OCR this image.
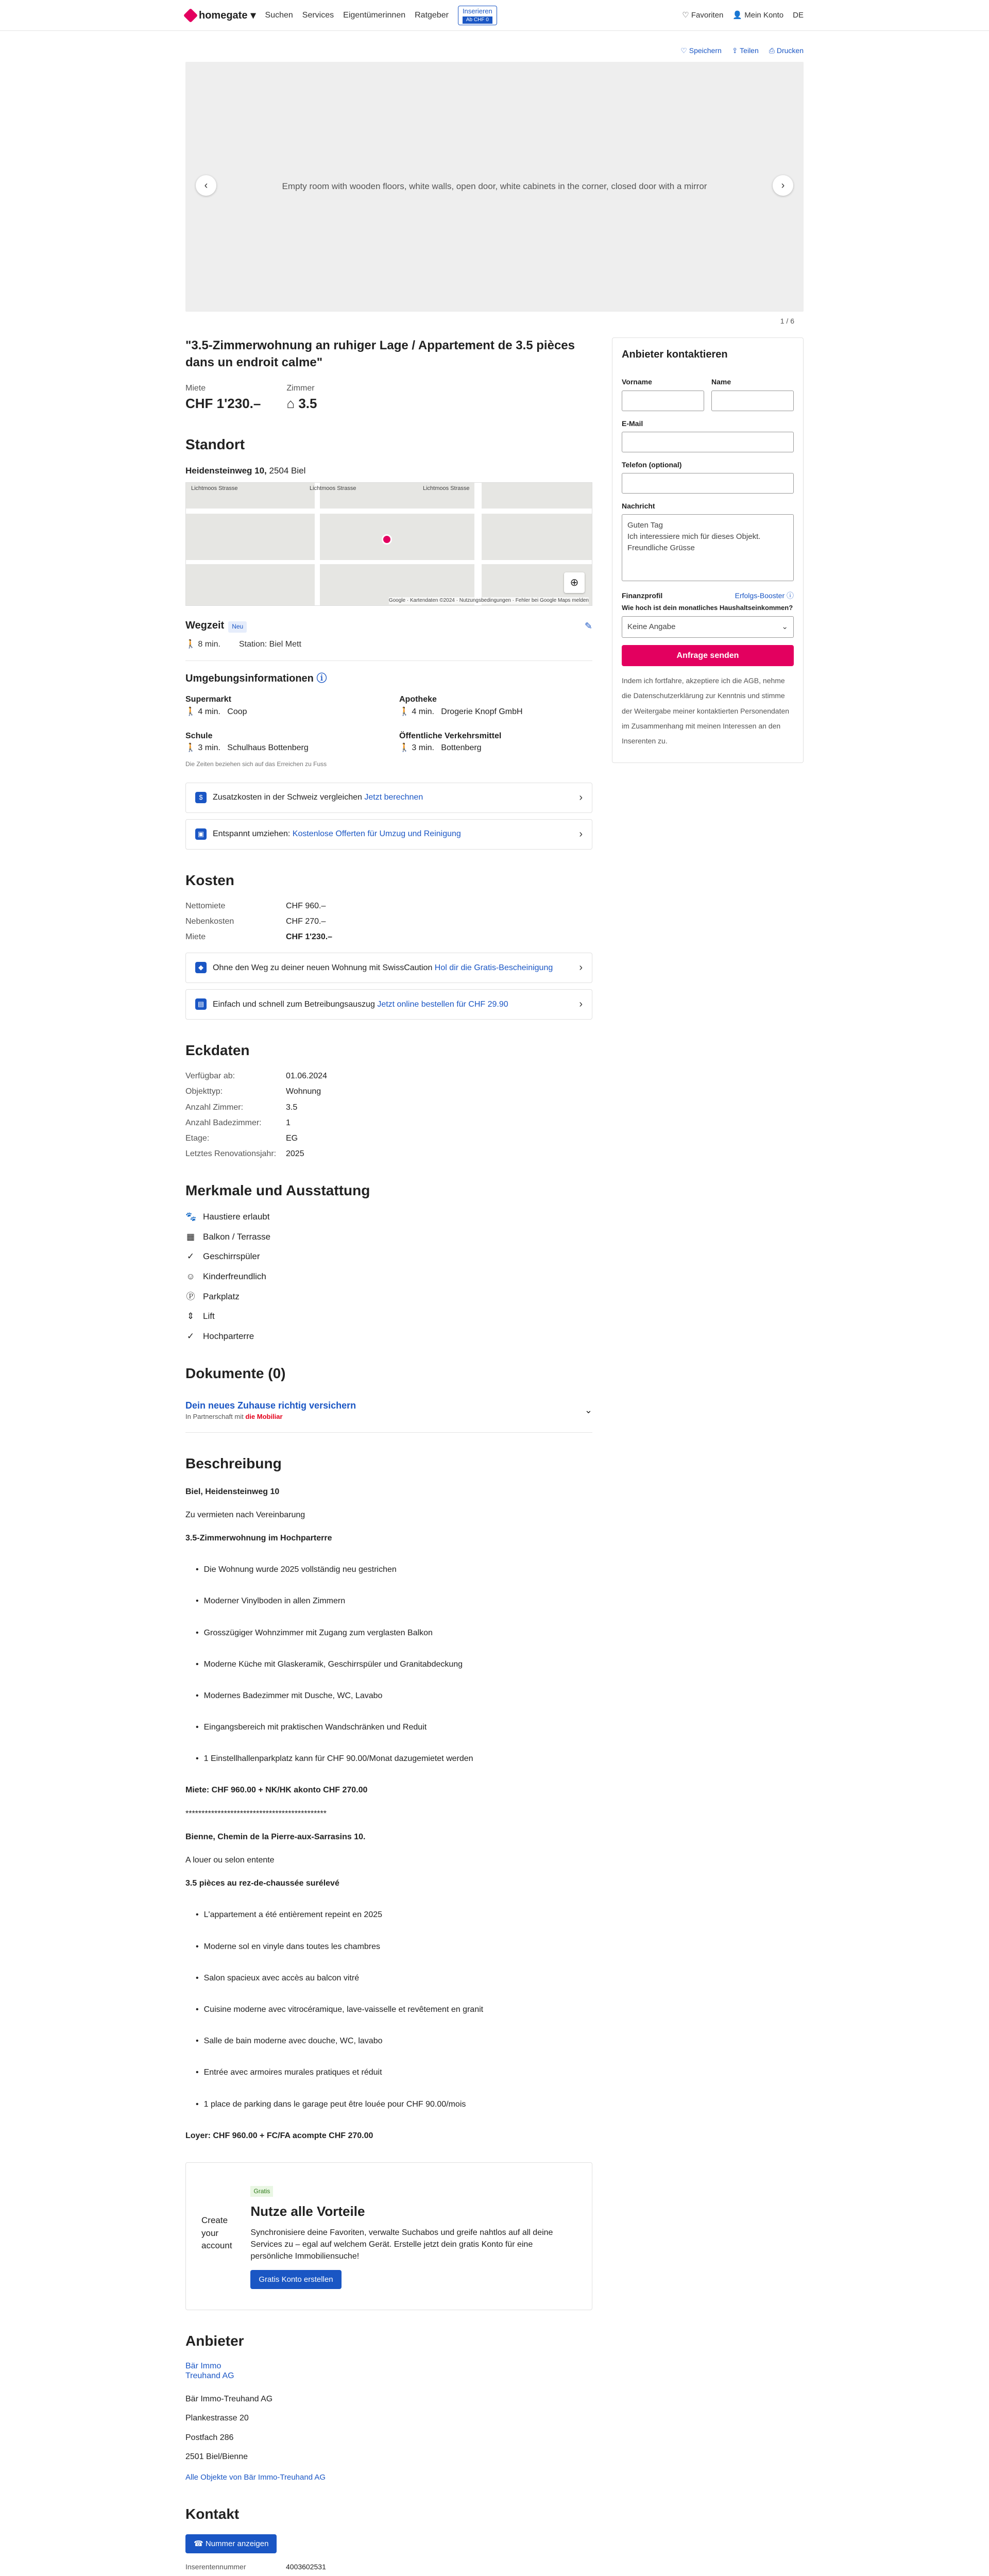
homegate ▾ Suchen Services Eigentümerinnen Ratgeber	Inserieren
Ab CHF 0
♡ Favoriten 👤 Mein Konto DE
♡ Speichern ⇪ Teilen ⎙ Drucken
Empty room with wooden floors, white walls, open door, white cabinets in the corner, closed door with a mirror
‹	›
1 / 6
"3.5-Zimmerwohnung an ruhiger Lage / Appartement de 3.5 pièces dans un endroit calme"
Miete
CHF 1'230.–
Zimmer
⌂ 3.5
Standort
Heidensteinweg 10, 2504 Biel
Lichtmoos Strasse	Lichtmoos Strasse	Lichtmoos Strasse
⊕
Google · Kartendaten ©2024 · Nutzungsbedingungen · Fehler bei Google Maps melden
Wegzeit Neu	✎
🚶 8 min. Station: Biel Mett
Umgebungsinformationen ⓘ
Supermarkt
🚶 4 min. Coop
Apotheke
🚶 4 min. Drogerie Knopf GmbH
Schule
🚶 3 min. Schulhaus Bottenberg
Öffentliche Verkehrsmittel
🚶 3 min. Bottenberg
Die Zeiten beziehen sich auf das Erreichen zu Fuss
$	Zusatzkosten in der Schweiz vergleichen Jetzt berechnen	›
▣	Entspannt umziehen: Kostenlose Offerten für Umzug und Reinigung	›
Kosten
Nettomiete	CHF 960.–
Nebenkosten	CHF 270.–
Miete	CHF 1'230.–
◆	Ohne den Weg zu deiner neuen Wohnung mit SwissCaution Hol dir die Gratis-Bescheinigung	›
▤	Einfach und schnell zum Betreibungsauszug Jetzt online bestellen für CHF 29.90	›
Eckdaten
Verfügbar ab:	01.06.2024
Objekttyp:	Wohnung
Anzahl Zimmer:	3.5
Anzahl Badezimmer:	1
Etage:	EG
Letztes Renovationsjahr:	2025
Merkmale und Ausstattung
🐾 Haustiere erlaubt
▦ Balkon / Terrasse
✓ Geschirrspüler
☺ Kinderfreundlich
Ⓟ Parkplatz
⇕ Lift
✓ Hochparterre
Dokumente (0)
Dein neues Zuhause richtig versichern
In Partnerschaft mit die Mobiliar
⌄
Beschreibung

Biel, Heidensteinweg 10

Zu vermieten nach Vereinbarung

3.5-Zimmerwohnung im Hochparterre

• Die Wohnung wurde 2025 vollständig neu gestrichen
• Moderner Vinylboden in allen Zimmern
• Grosszügiger Wohnzimmer mit Zugang zum verglasten Balkon
• Moderne Küche mit Glaskeramik, Geschirrspüler und Granitabdeckung
• Modernes Badezimmer mit Dusche, WC, Lavabo
• Eingangsbereich mit praktischen Wandschränken und Reduit
• 1 Einstellhallenparkplatz kann für CHF 90.00/Monat dazugemietet werden

Miete: CHF 960.00 + NK/HK akonto CHF 270.00

********************************************

Bienne, Chemin de la Pierre-aux-Sarrasins 10.

A louer ou selon entente

3.5 pièces au rez-de-chaussée surélevé

• L'appartement a été entièrement repeint en 2025
• Moderne sol en vinyle dans toutes les chambres
• Salon spacieux avec accès au balcon vitré
• Cuisine moderne avec vitrocéramique, lave-vaisselle et revêtement en granit
• Salle de bain moderne avec douche, WC, lavabo
• Entrée avec armoires murales pratiques et réduit
• 1 place de parking dans le garage peut être louée pour CHF 90.00/mois

Loyer: CHF 960.00 + FC/FA acompte CHF 270.00

Create your account
Gratis
Nutze alle Vorteile

Synchronisiere deine Favoriten, verwalte Suchabos und greife nahtlos auf all deine Services zu – egal auf welchem Gerät. Erstelle jetzt dein gratis Konto für eine persönliche Immobiliensuche!

Gratis Konto erstellen
Anbieter
Bär Immo
Treuhand AG

Bär Immo-Treuhand AG

Plankestrasse 20

Postfach 286

2501 Biel/Bienne

Alle Objekte von Bär Immo-Treuhand AG
Kontakt
☎ Nummer anzeigen
Inserentennummer	4003602531
Anbieter kontaktieren
Vorname	Name
E-Mail
Telefon (optional)
Nachricht
Guten Tag
Ich interessiere mich für dieses Objekt.
Freundliche Grüsse
Finanzprofil	Erfolgs-Booster ⓘ
Wie hoch ist dein monatliches Haushaltseinkommen?
Keine Angabe	⌄
Anfrage senden

Indem ich fortfahre, akzeptiere ich die AGB, nehme die Datenschutzerklärung zur Kenntnis und stimme der Weitergabe meiner kontaktierten Personendaten im Zusammenhang mit meinen Interessen an den Inserenten zu.
